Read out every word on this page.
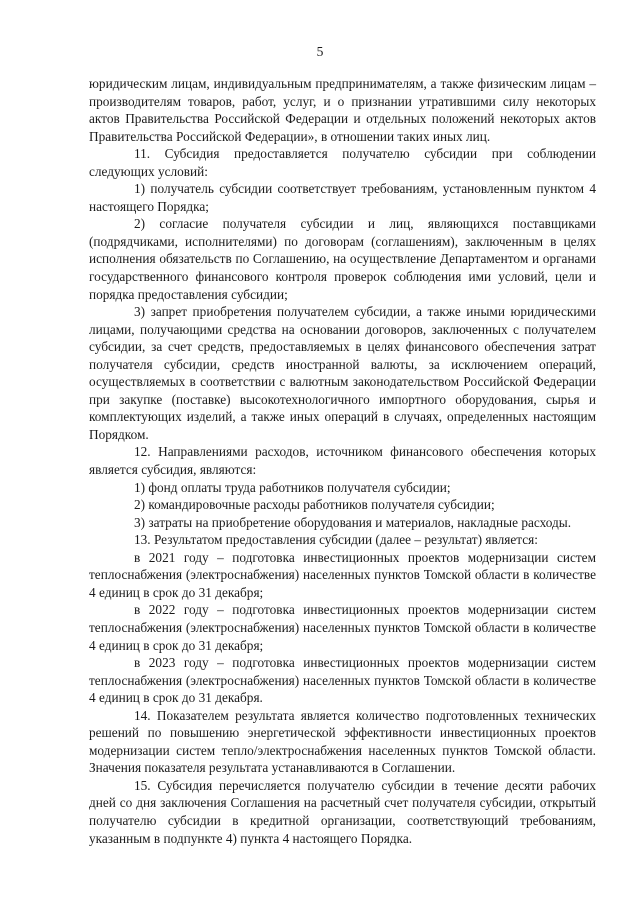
5

юридическим лицам, индивидуальным предпринимателям, а также физическим лицам – производителям товаров, работ, услуг, и о признании утратившими силу некоторых актов Правительства Российской Федерации и отдельных положений некоторых актов Правительства Российской Федерации», в отношении таких иных лиц.

11. Субсидия предоставляется получателю субсидии при соблюдении следующих условий:

1) получатель субсидии соответствует требованиям, установленным пунктом 4 настоящего Порядка;

2) согласие получателя субсидии и лиц, являющихся поставщиками (подрядчиками, исполнителями) по договорам (соглашениям), заключенным в целях исполнения обязательств по Соглашению, на осуществление Департаментом и органами государственного финансового контроля проверок соблюдения ими условий, цели и порядка предоставления субсидии;

3) запрет приобретения получателем субсидии, а также иными юридическими лицами, получающими средства на основании договоров, заключенных с получателем субсидии, за счет средств, предоставляемых в целях финансового обеспечения затрат получателя субсидии, средств иностранной валюты, за исключением операций, осуществляемых в соответствии с валютным законодательством Российской Федерации при закупке (поставке) высокотехнологичного импортного оборудования, сырья и комплектующих изделий, а также иных операций в случаях, определенных настоящим Порядком.

12. Направлениями расходов, источником финансового обеспечения которых является субсидия, являются:

1) фонд оплаты труда работников получателя субсидии;

2) командировочные расходы работников получателя субсидии;

3) затраты на приобретение оборудования и материалов, накладные расходы.

13. Результатом предоставления субсидии (далее – результат) является:

в 2021 году – подготовка инвестиционных проектов модернизации систем теплоснабжения (электроснабжения) населенных пунктов Томской области в количестве 4 единиц в срок до 31 декабря;

в 2022 году – подготовка инвестиционных проектов модернизации систем теплоснабжения (электроснабжения) населенных пунктов Томской области в количестве 4 единиц в срок до 31 декабря;

в 2023 году – подготовка инвестиционных проектов модернизации систем теплоснабжения (электроснабжения) населенных пунктов Томской области в количестве 4 единиц в срок до 31 декабря.

14. Показателем результата является количество подготовленных технических решений по повышению энергетической эффективности инвестиционных проектов модернизации систем тепло/электроснабжения населенных пунктов Томской области. Значения показателя результата устанавливаются в Соглашении.

15. Субсидия перечисляется получателю субсидии в течение десяти рабочих дней со дня заключения Соглашения на расчетный счет получателя субсидии, открытый получателю субсидии в кредитной организации, соответствующий требованиям, указанным в подпункте 4) пункта 4 настоящего Порядка.
